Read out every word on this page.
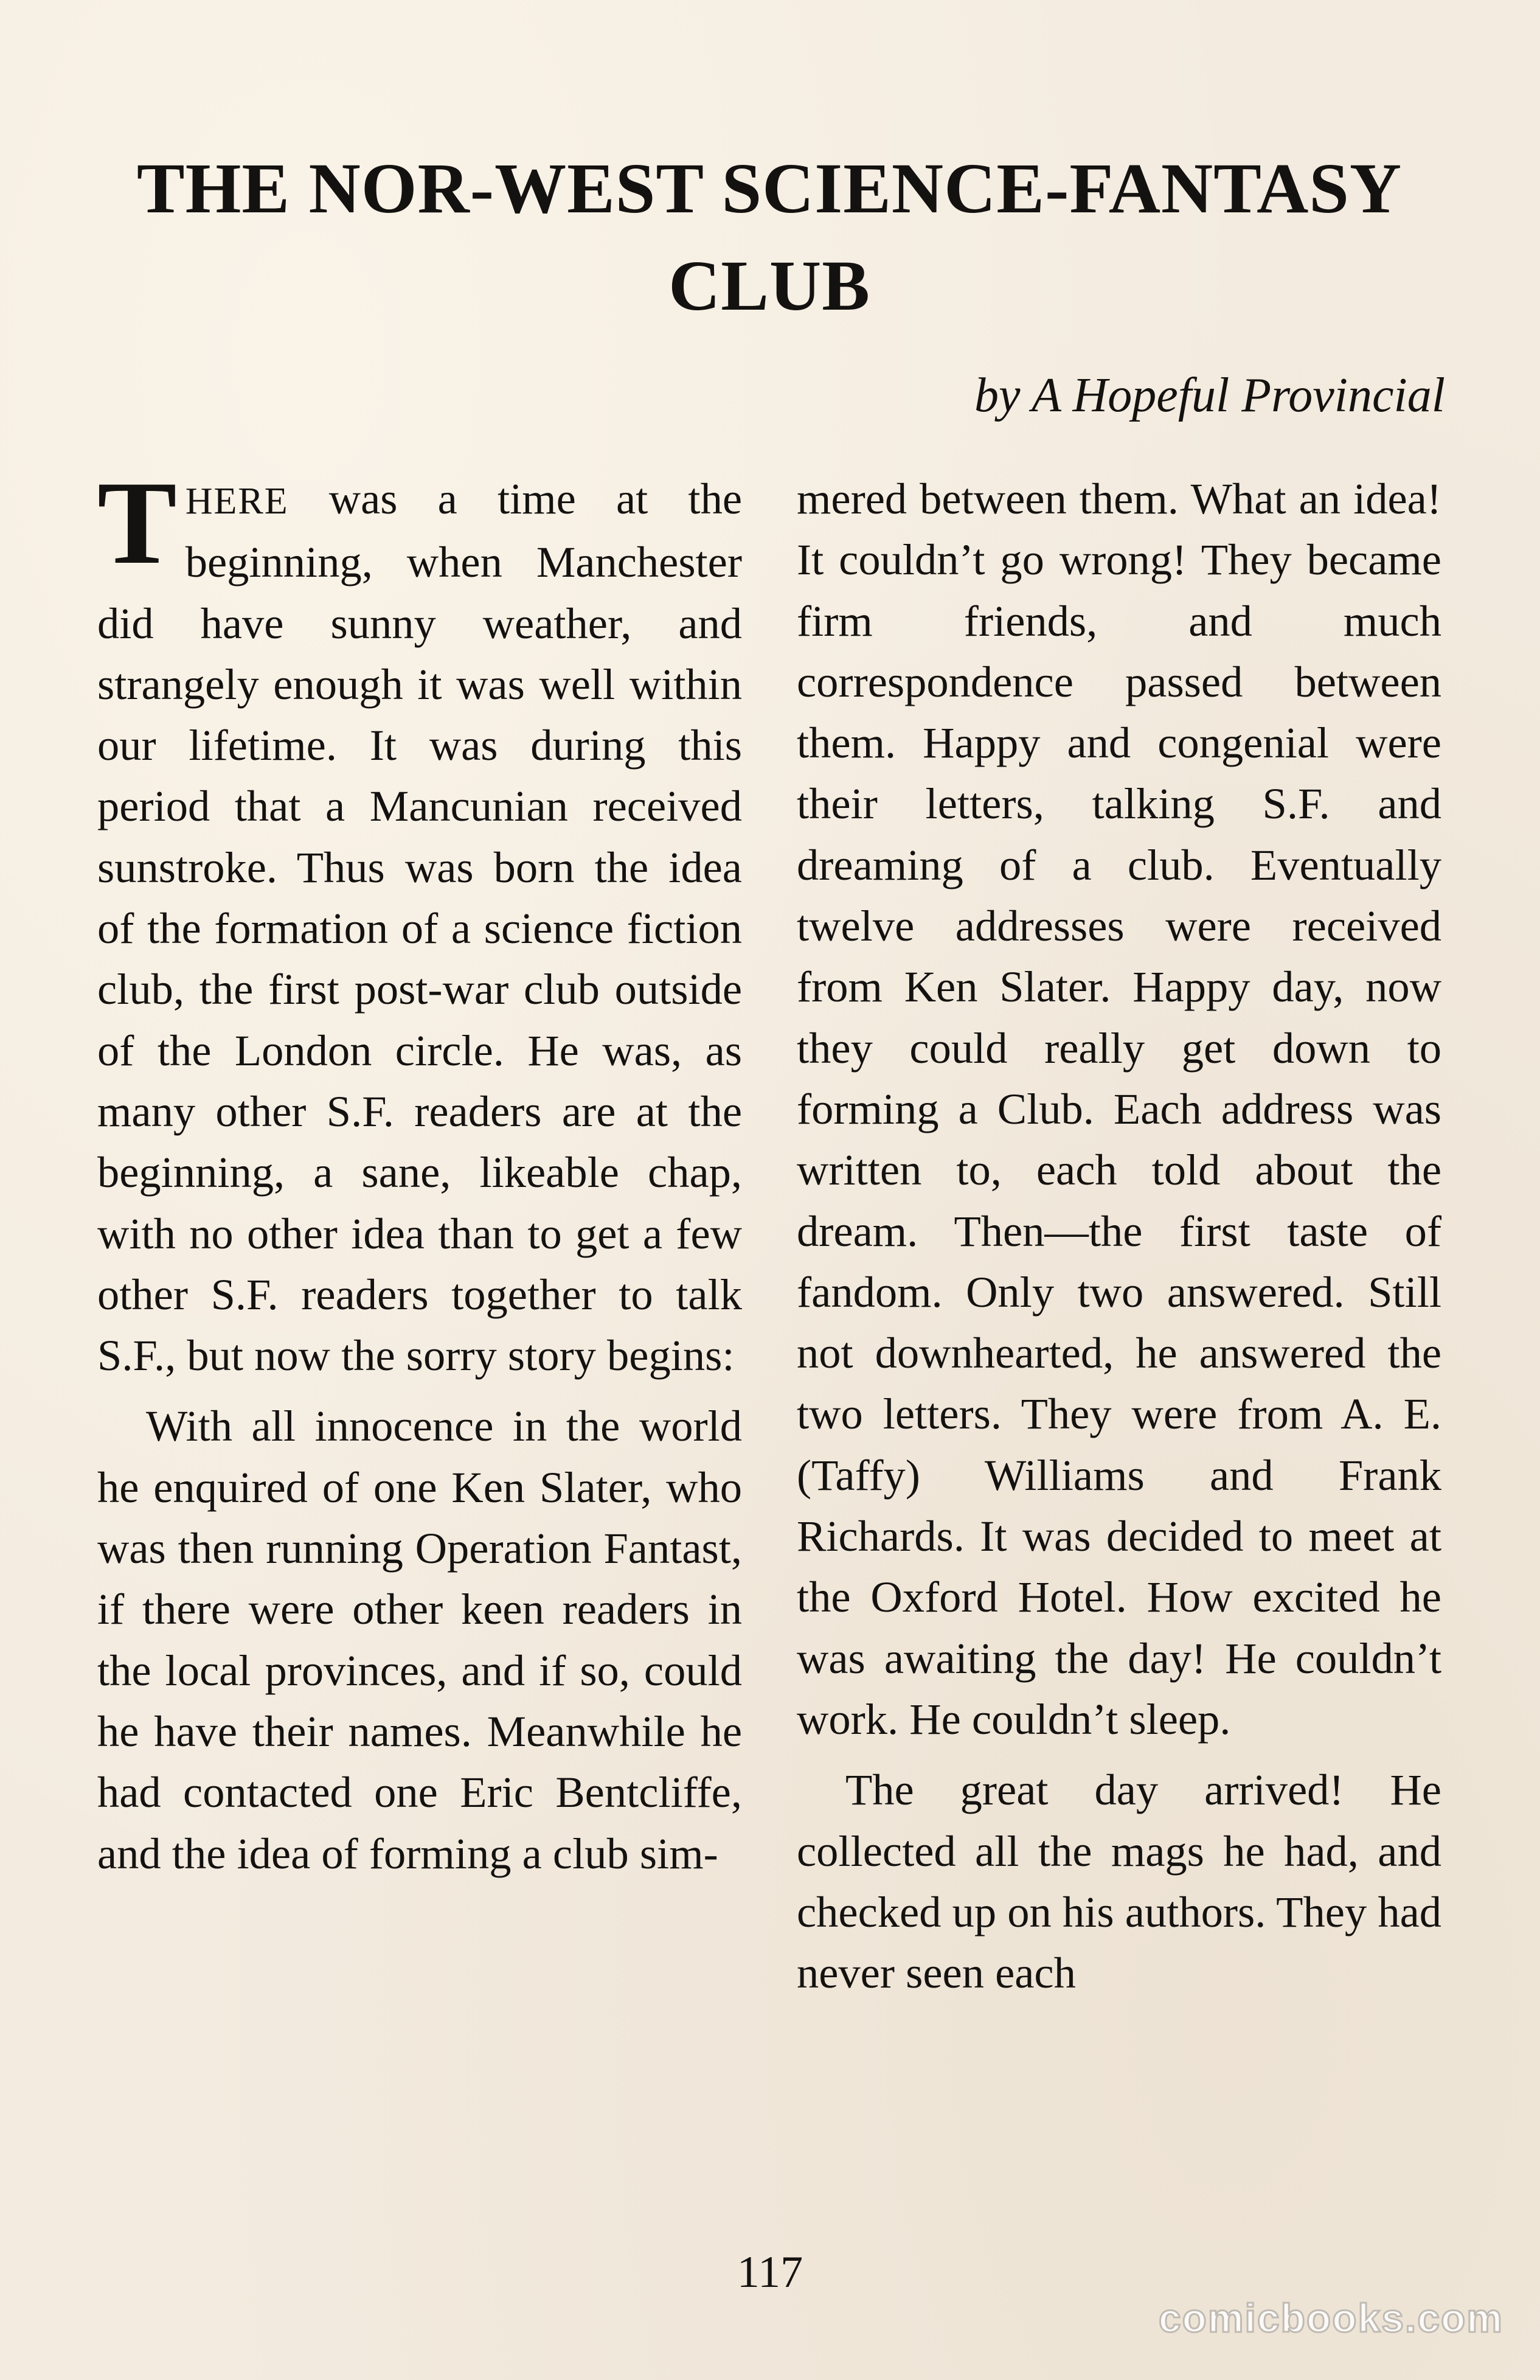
THE NOR-WEST SCIENCE-FANTASY CLUB

by A Hopeful Provincial

THERE was a time at the beginning, when Manchester did have sunny weather, and strangely enough it was well within our lifetime. It was during this period that a Mancunian received sunstroke. Thus was born the idea of the formation of a science fiction club, the first post-war club outside of the London circle. He was, as many other S.F. readers are at the beginning, a sane, likeable chap, with no other idea than to get a few other S.F. readers together to talk S.F., but now the sorry story begins:

With all innocence in the world he enquired of one Ken Slater, who was then running Operation Fantast, if there were other keen readers in the local provinces, and if so, could he have their names. Meanwhile he had contacted one Eric Bentcliffe, and the idea of forming a club sim-

mered between them. What an idea! It couldn’t go wrong! They became firm friends, and much correspondence passed between them. Happy and congenial were their letters, talking S.F. and dreaming of a club. Eventually twelve addresses were received from Ken Slater. Happy day, now they could really get down to forming a Club. Each address was written to, each told about the dream. Then—the first taste of fandom. Only two answered. Still not downhearted, he answered the two letters. They were from A. E. (Taffy) Williams and Frank Richards. It was decided to meet at the Oxford Hotel. How excited he was awaiting the day! He couldn’t work. He couldn’t sleep.

The great day arrived! He collected all the mags he had, and checked up on his authors. They had never seen each

117
comicbooks.com
